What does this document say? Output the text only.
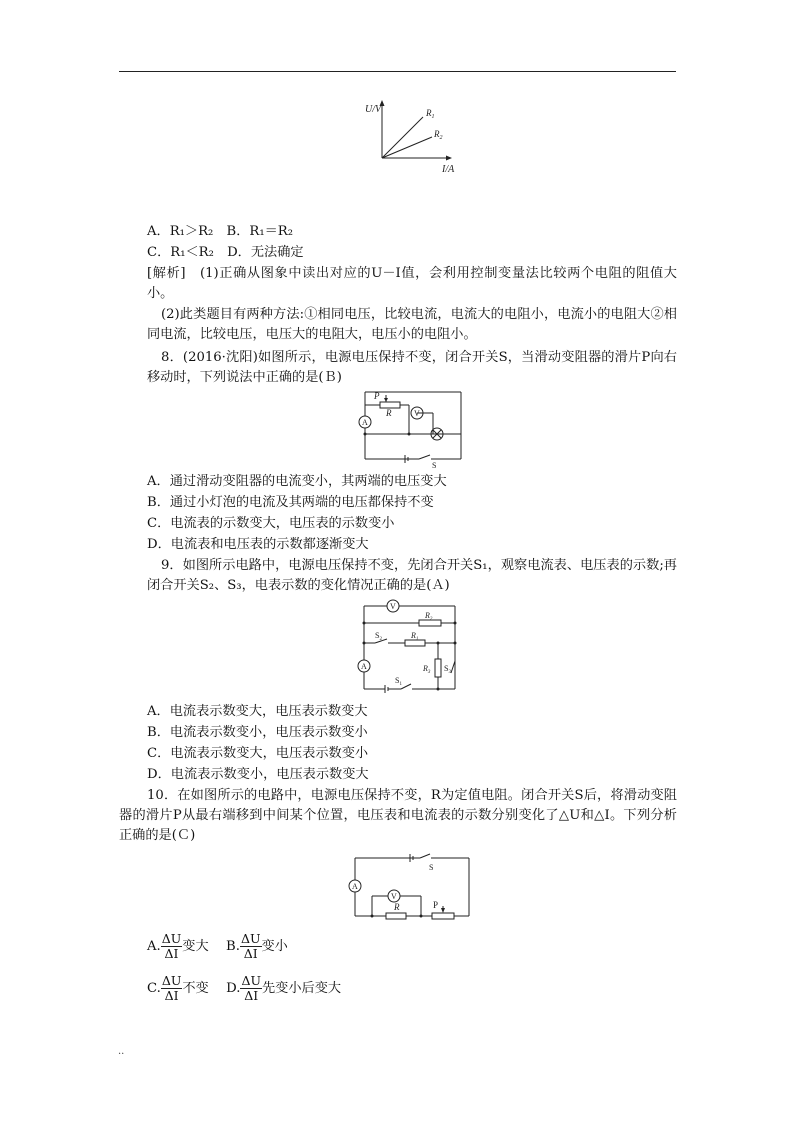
U/V
I/A
$R_1$
$R_2$
A．R₁＞R₂　B．R₁＝R₂
C．R₁＜R₂　D．无法确定
[解析]　(1)正确从图象中读出对应的U－I值，会利用控制变量法比较两个电阻的阻值大小。
(2)此类题目有两种方法:①相同电压，比较电流，电流大的电阻小，电流小的电阻大②相同电流，比较电压，电压大的电阻大，电压小的电阻小。
8．(2016·沈阳)如图所示，电源电压保持不变，闭合开关S，当滑动变阻器的滑片P向右移动时，下列说法中正确的是(Ｂ)
P
R
A
V
S
A．通过滑动变阻器的电流变小，其两端的电压变大
B．通过小灯泡的电流及其两端的电压都保持不变
C．电流表的示数变大，电压表的示数变小
D．电流表和电压表的示数都逐渐变大
9．如图所示电路中，电源电压保持不变，先闭合开关S₁，观察电流表、电压表的示数;再闭合开关S₂、S₃，电表示数的变化情况正确的是(Ａ)
V
A
$R_2$
$R_1$
$R_3$
$S_2$
$S_3$
$S_1$
A．电流表示数变大，电压表示数变大
B．电流表示数变小，电压表示数变小
C．电流表示数变大，电压表示数变小
D．电流表示数变小，电压表示数变大
10．在如图所示的电路中，电源电压保持不变，R为定值电阻。闭合开关S后，将滑动变阻器的滑片P从最右端移到中间某个位置，电压表和电流表的示数分别变化了△U和△I。下列分析正确的是(Ｃ)
A
V
S
R	P
A. $\frac{\Delta U}{\Delta I}$ 变大   B. $\frac{\Delta U}{\Delta I}$ 变小
C. $\frac{\Delta U}{\Delta I}$ 不变   D. $\frac{\Delta U}{\Delta I}$ 先变小后变大
..
